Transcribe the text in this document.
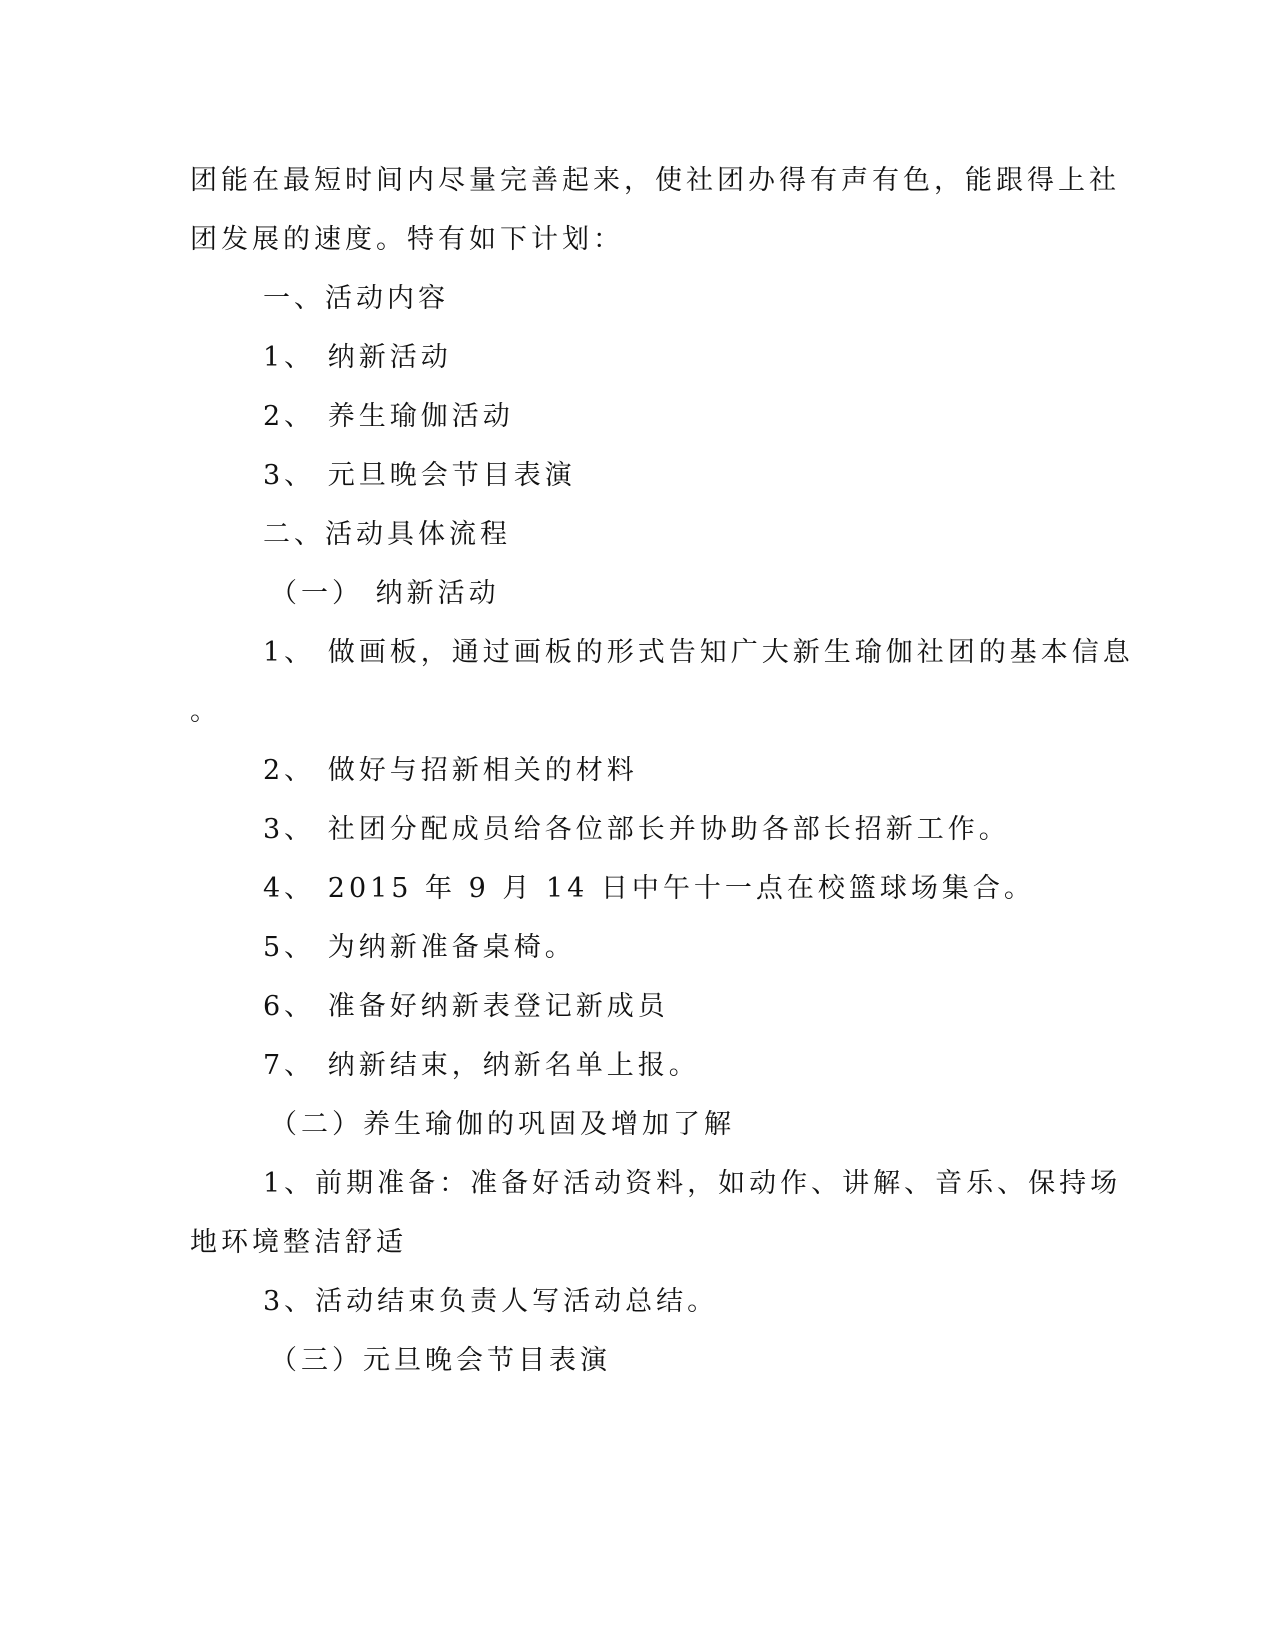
团能在最短时间内尽量完善起来，使社团办得有声有色，能跟得上社
团发展的速度。特有如下计划：
一、活动内容
1、 纳新活动
2、 养生瑜伽活动
3、 元旦晚会节目表演
二、活动具体流程
（一） 纳新活动
1、 做画板，通过画板的形式告知广大新生瑜伽社团的基本信息
。
2、 做好与招新相关的材料
3、 社团分配成员给各位部长并协助各部长招新工作。
4、 2015 年 9 月 14 日中午十一点在校篮球场集合。
5、 为纳新准备桌椅。
6、 准备好纳新表登记新成员
7、 纳新结束，纳新名单上报。
（二）养生瑜伽的巩固及增加了解
1、前期准备：准备好活动资料，如动作、讲解、音乐、保持场
地环境整洁舒适
3、活动结束负责人写活动总结。
（三）元旦晚会节目表演
